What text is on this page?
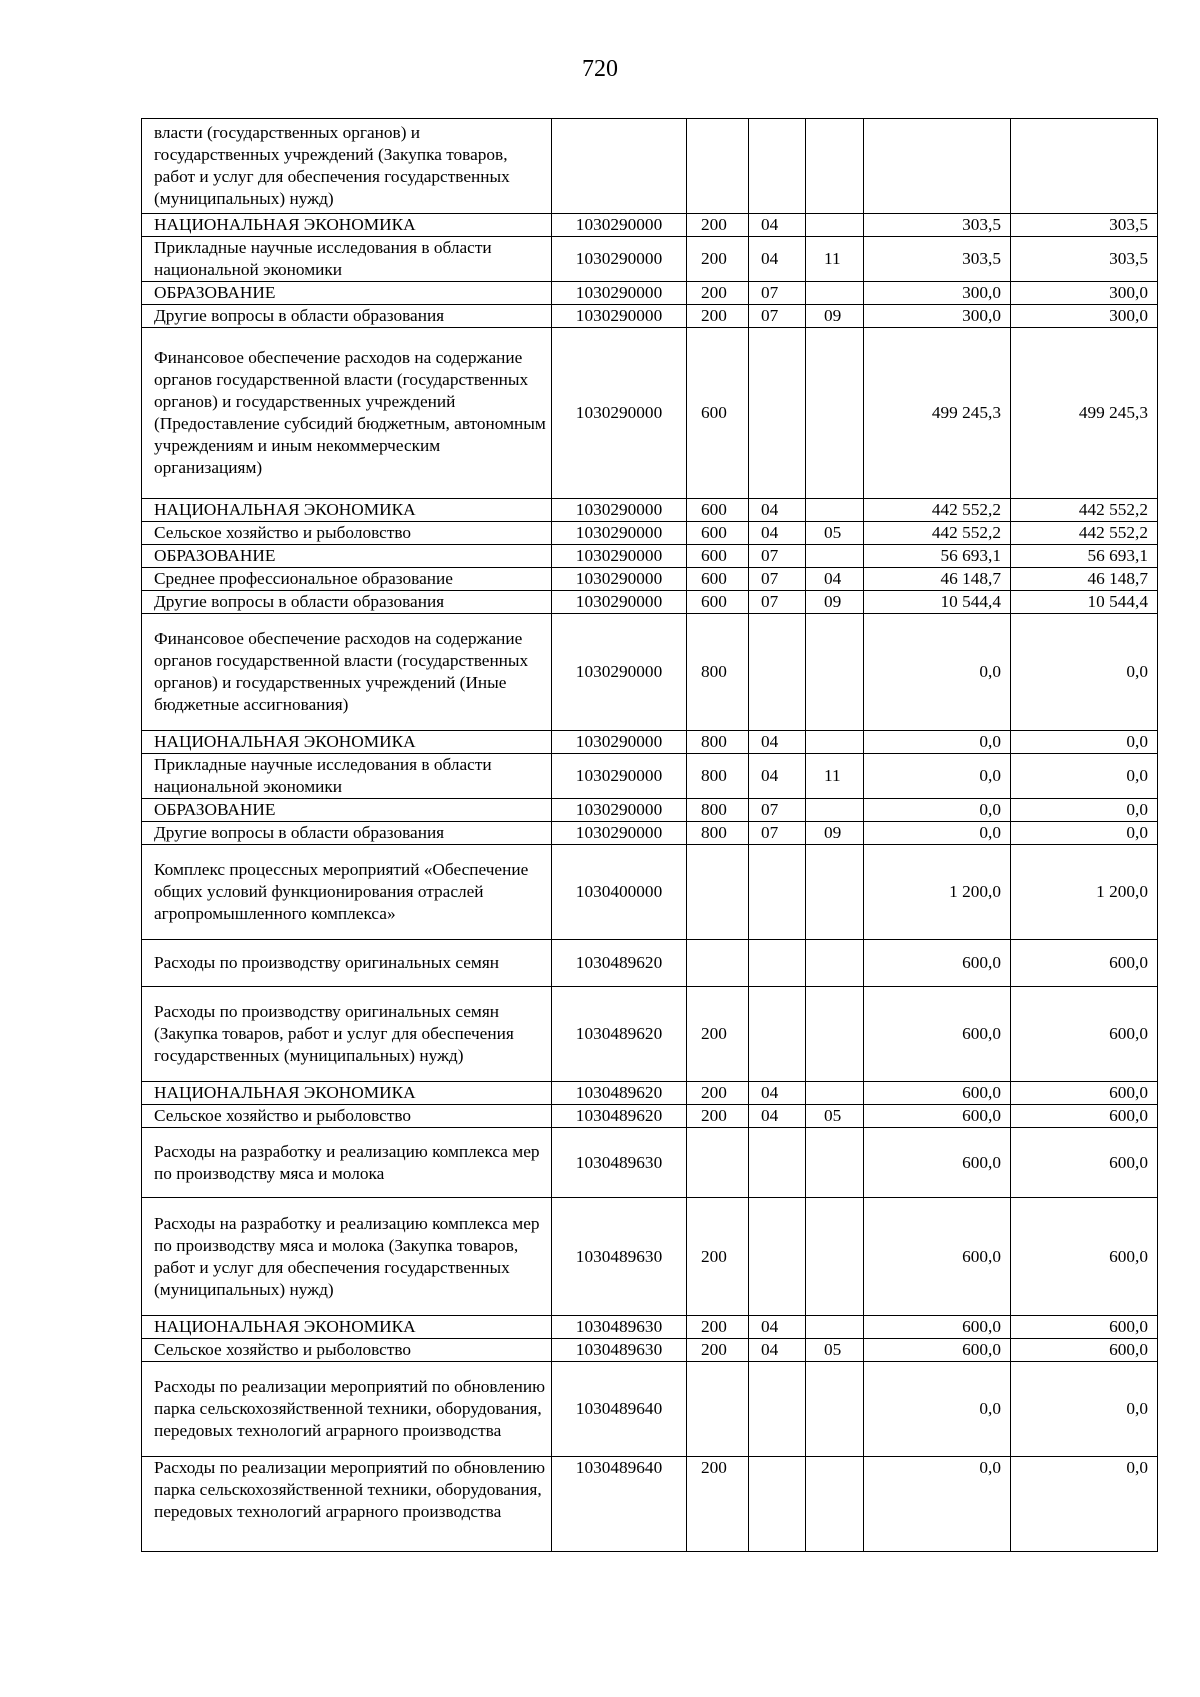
720
власти (государственных органов) и государственных учреждений (Закупка товаров, работ и услуг для обеспечения государственных (муниципальных) нужд)						
НАЦИОНАЛЬНАЯ ЭКОНОМИКА	1030290000	200	04		303,5	303,5
Прикладные научные исследования в области национальной экономики	1030290000	200	04	11	303,5	303,5
ОБРАЗОВАНИЕ	1030290000	200	07		300,0	300,0
Другие вопросы в области образования	1030290000	200	07	09	300,0	300,0
Финансовое обеспечение расходов на содержание органов государственной власти (государственных органов) и государственных учреждений (Предоставление субсидий бюджетным, автономным учреждениям и иным некоммерческим организациям)	1030290000	600			499 245,3	499 245,3
НАЦИОНАЛЬНАЯ ЭКОНОМИКА	1030290000	600	04		442 552,2	442 552,2
Сельское хозяйство и рыболовство	1030290000	600	04	05	442 552,2	442 552,2
ОБРАЗОВАНИЕ	1030290000	600	07		56 693,1	56 693,1
Среднее профессиональное образование	1030290000	600	07	04	46 148,7	46 148,7
Другие вопросы в области образования	1030290000	600	07	09	10 544,4	10 544,4
Финансовое обеспечение расходов на содержание органов государственной власти (государственных органов) и государственных учреждений (Иные бюджетные ассигнования)	1030290000	800			0,0	0,0
НАЦИОНАЛЬНАЯ ЭКОНОМИКА	1030290000	800	04		0,0	0,0
Прикладные научные исследования в области национальной экономики	1030290000	800	04	11	0,0	0,0
ОБРАЗОВАНИЕ	1030290000	800	07		0,0	0,0
Другие вопросы в области образования	1030290000	800	07	09	0,0	0,0
Комплекс процессных мероприятий «Обеспечение общих условий функционирования отраслей агропромышленного комплекса»	1030400000				1 200,0	1 200,0
Расходы по производству оригинальных семян	1030489620				600,0	600,0
Расходы по производству оригинальных семян (Закупка товаров, работ и услуг для обеспечения государственных (муниципальных) нужд)	1030489620	200			600,0	600,0
НАЦИОНАЛЬНАЯ ЭКОНОМИКА	1030489620	200	04		600,0	600,0
Сельское хозяйство и рыболовство	1030489620	200	04	05	600,0	600,0
Расходы на разработку и реализацию комплекса мер по производству мяса и молока	1030489630				600,0	600,0
Расходы на разработку и реализацию комплекса мер по производству мяса и молока (Закупка товаров, работ и услуг для обеспечения государственных (муниципальных) нужд)	1030489630	200			600,0	600,0
НАЦИОНАЛЬНАЯ ЭКОНОМИКА	1030489630	200	04		600,0	600,0
Сельское хозяйство и рыболовство	1030489630	200	04	05	600,0	600,0
Расходы по реализации мероприятий по обновлению парка сельскохозяйственной техники, оборудования, передовых технологий аграрного производства	1030489640				0,0	0,0
Расходы по реализации мероприятий по обновлению парка сельскохозяйственной техники, оборудования, передовых технологий аграрного производства	1030489640	200			0,0	0,0
